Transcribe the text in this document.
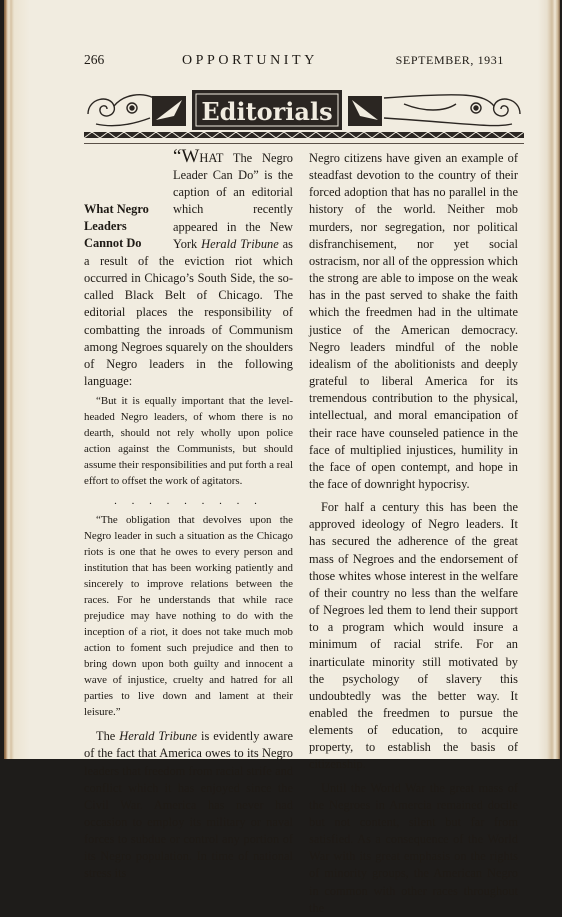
266	OPPORTUNITY	SEPTEMBER, 1931
Editorials
What Negro Leaders Cannot Do

“WHAT The Negro Leader Can Do” is the caption of an editorial which recently appeared in the New York Herald Tribune as a result of the eviction riot which occurred in Chicago’s South Side, the so-called Black Belt of Chicago. The editorial places the responsibility of combatting the inroads of Communism among Negroes squarely on the shoulders of Negro leaders in the following language:

“But it is equally important that the level-headed Negro leaders, of whom there is no dearth, should not rely wholly upon police action against the Communists, but should assume their responsibilities and put forth a real effort to offset the work of agitators.

. . . . . . . . .

“The obligation that devolves upon the Negro leader in such a situation as the Chicago riots is one that he owes to every person and institution that has been working patiently and sincerely to improve relations between the races. For he understands that while race prejudice may have nothing to do with the inception of a riot, it does not take much mob action to foment such prejudice and then to bring down upon both guilty and innocent a wave of injustice, cruelty and hatred for all parties to live down and lament at their leisure.”

The Herald Tribune is evidently aware of the fact that America owes to its Negro leaders that freedom from racial strife and conflict which it has enjoyed since the Civil War. America has never had occasion to employ its military or naval forces to subdue or control any portion of its Negro population. In time of national stress its

Negro citizens have given an example of steadfast devotion to the country of their forced adoption that has no parallel in the history of the world. Neither mob murders, nor segregation, nor political disfranchisement, nor yet social ostracism, nor all of the oppression which the strong are able to impose on the weak has in the past served to shake the faith which the freedmen had in the ultimate justice of the American democracy. Negro leaders mindful of the noble idealism of the abolitionists and deeply grateful to liberal America for its tremendous contribution to the physical, intellectual, and moral emancipation of their race have counseled patience in the face of multiplied injustices, humility in the face of open contempt, and hope in the face of downright hypocrisy.

For half a century this has been the approved ideology of Negro leaders. It has secured the adherence of the great mass of Negroes and the endorsement of those whites whose interest in the welfare of their country no less than the welfare of Negroes led them to lend their support to a program which would insure a minimum of racial strife. For an inarticulate minority still motivated by the psychology of slavery this undoubtedly was the better way. It enabled the freedmen to pursue the elements of education, to acquire property, to establish the basis of citizenship.

Until the World War the great mass of the Negroes in Amercia remained docile but not content, silent but far from satisfied. As a consequence of the World War with its great emphasis on the rights of minority groups, the American Negro in common with other races throughout the
